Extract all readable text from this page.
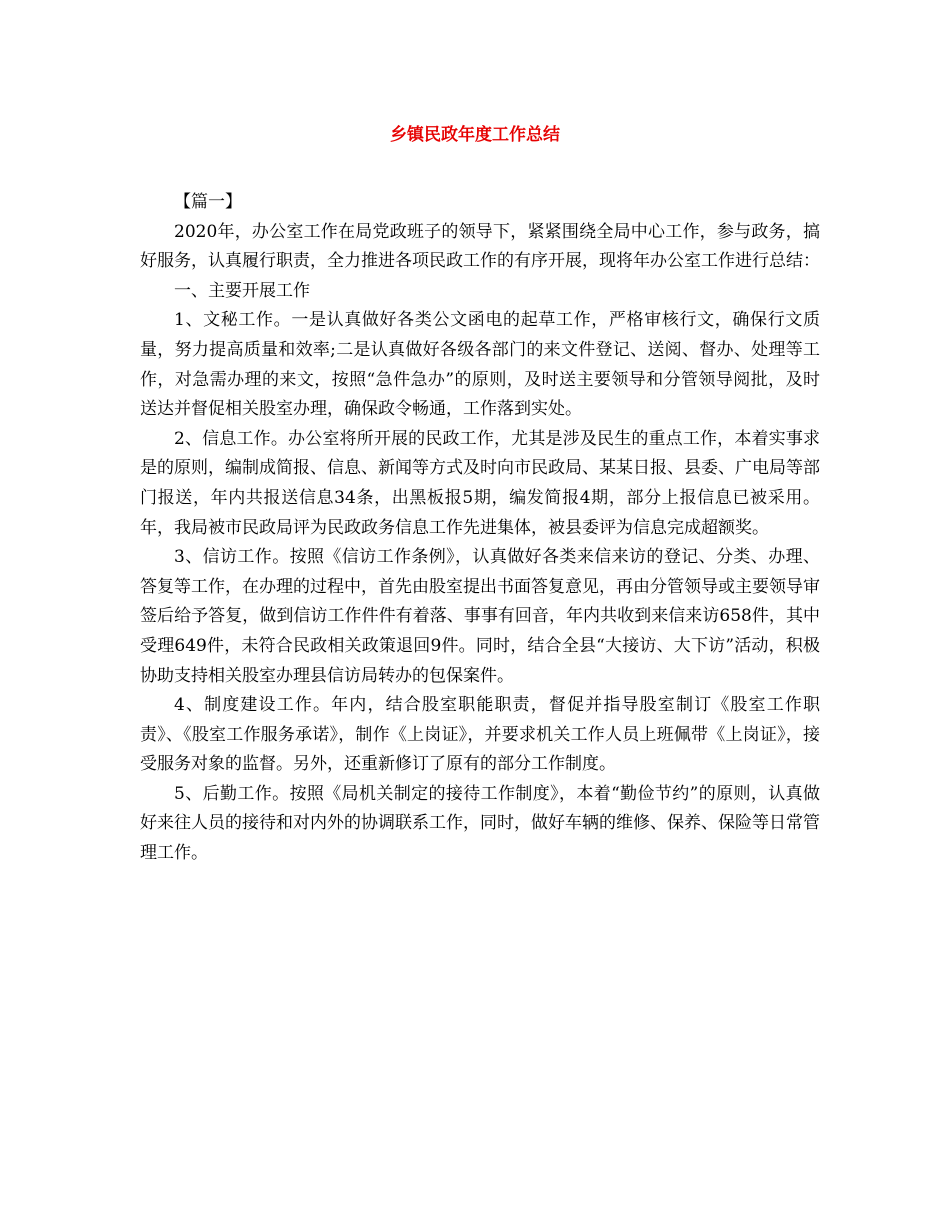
乡镇民政年度工作总结

【篇一】

2020年，办公室工作在局党政班子的领导下，紧紧围绕全局中心工作，参与政务，搞好服务，认真履行职责，全力推进各项民政工作的有序开展，现将年办公室工作进行总结：

一、主要开展工作

1、文秘工作。一是认真做好各类公文函电的起草工作，严格审核行文，确保行文质量，努力提高质量和效率;二是认真做好各级各部门的来文件登记、送阅、督办、处理等工作，对急需办理的来文，按照“急件急办”的原则，及时送主要领导和分管领导阅批，及时送达并督促相关股室办理，确保政令畅通，工作落到实处。

2、信息工作。办公室将所开展的民政工作，尤其是涉及民生的重点工作，本着实事求是的原则，编制成简报、信息、新闻等方式及时向市民政局、某某日报、县委、广电局等部门报送，年内共报送信息34条，出黑板报5期，编发简报4期，部分上报信息已被采用。年，我局被市民政局评为民政政务信息工作先进集体，被县委评为信息完成超额奖。

3、信访工作。按照《信访工作条例》，认真做好各类来信来访的登记、分类、办理、答复等工作，在办理的过程中，首先由股室提出书面答复意见，再由分管领导或主要领导审签后给予答复，做到信访工作件件有着落、事事有回音，年内共收到来信来访658件，其中受理649件，未符合民政相关政策退回9件。同时，结合全县“大接访、大下访”活动，积极协助支持相关股室办理县信访局转办的包保案件。

4、制度建设工作。年内，结合股室职能职责，督促并指导股室制订《股室工作职责》、《股室工作服务承诺》，制作《上岗证》，并要求机关工作人员上班佩带《上岗证》，接受服务对象的监督。另外，还重新修订了原有的部分工作制度。

5、后勤工作。按照《局机关制定的接待工作制度》，本着“勤俭节约”的原则，认真做好来往人员的接待和对内外的协调联系工作，同时，做好车辆的维修、保养、保险等日常管理工作。
